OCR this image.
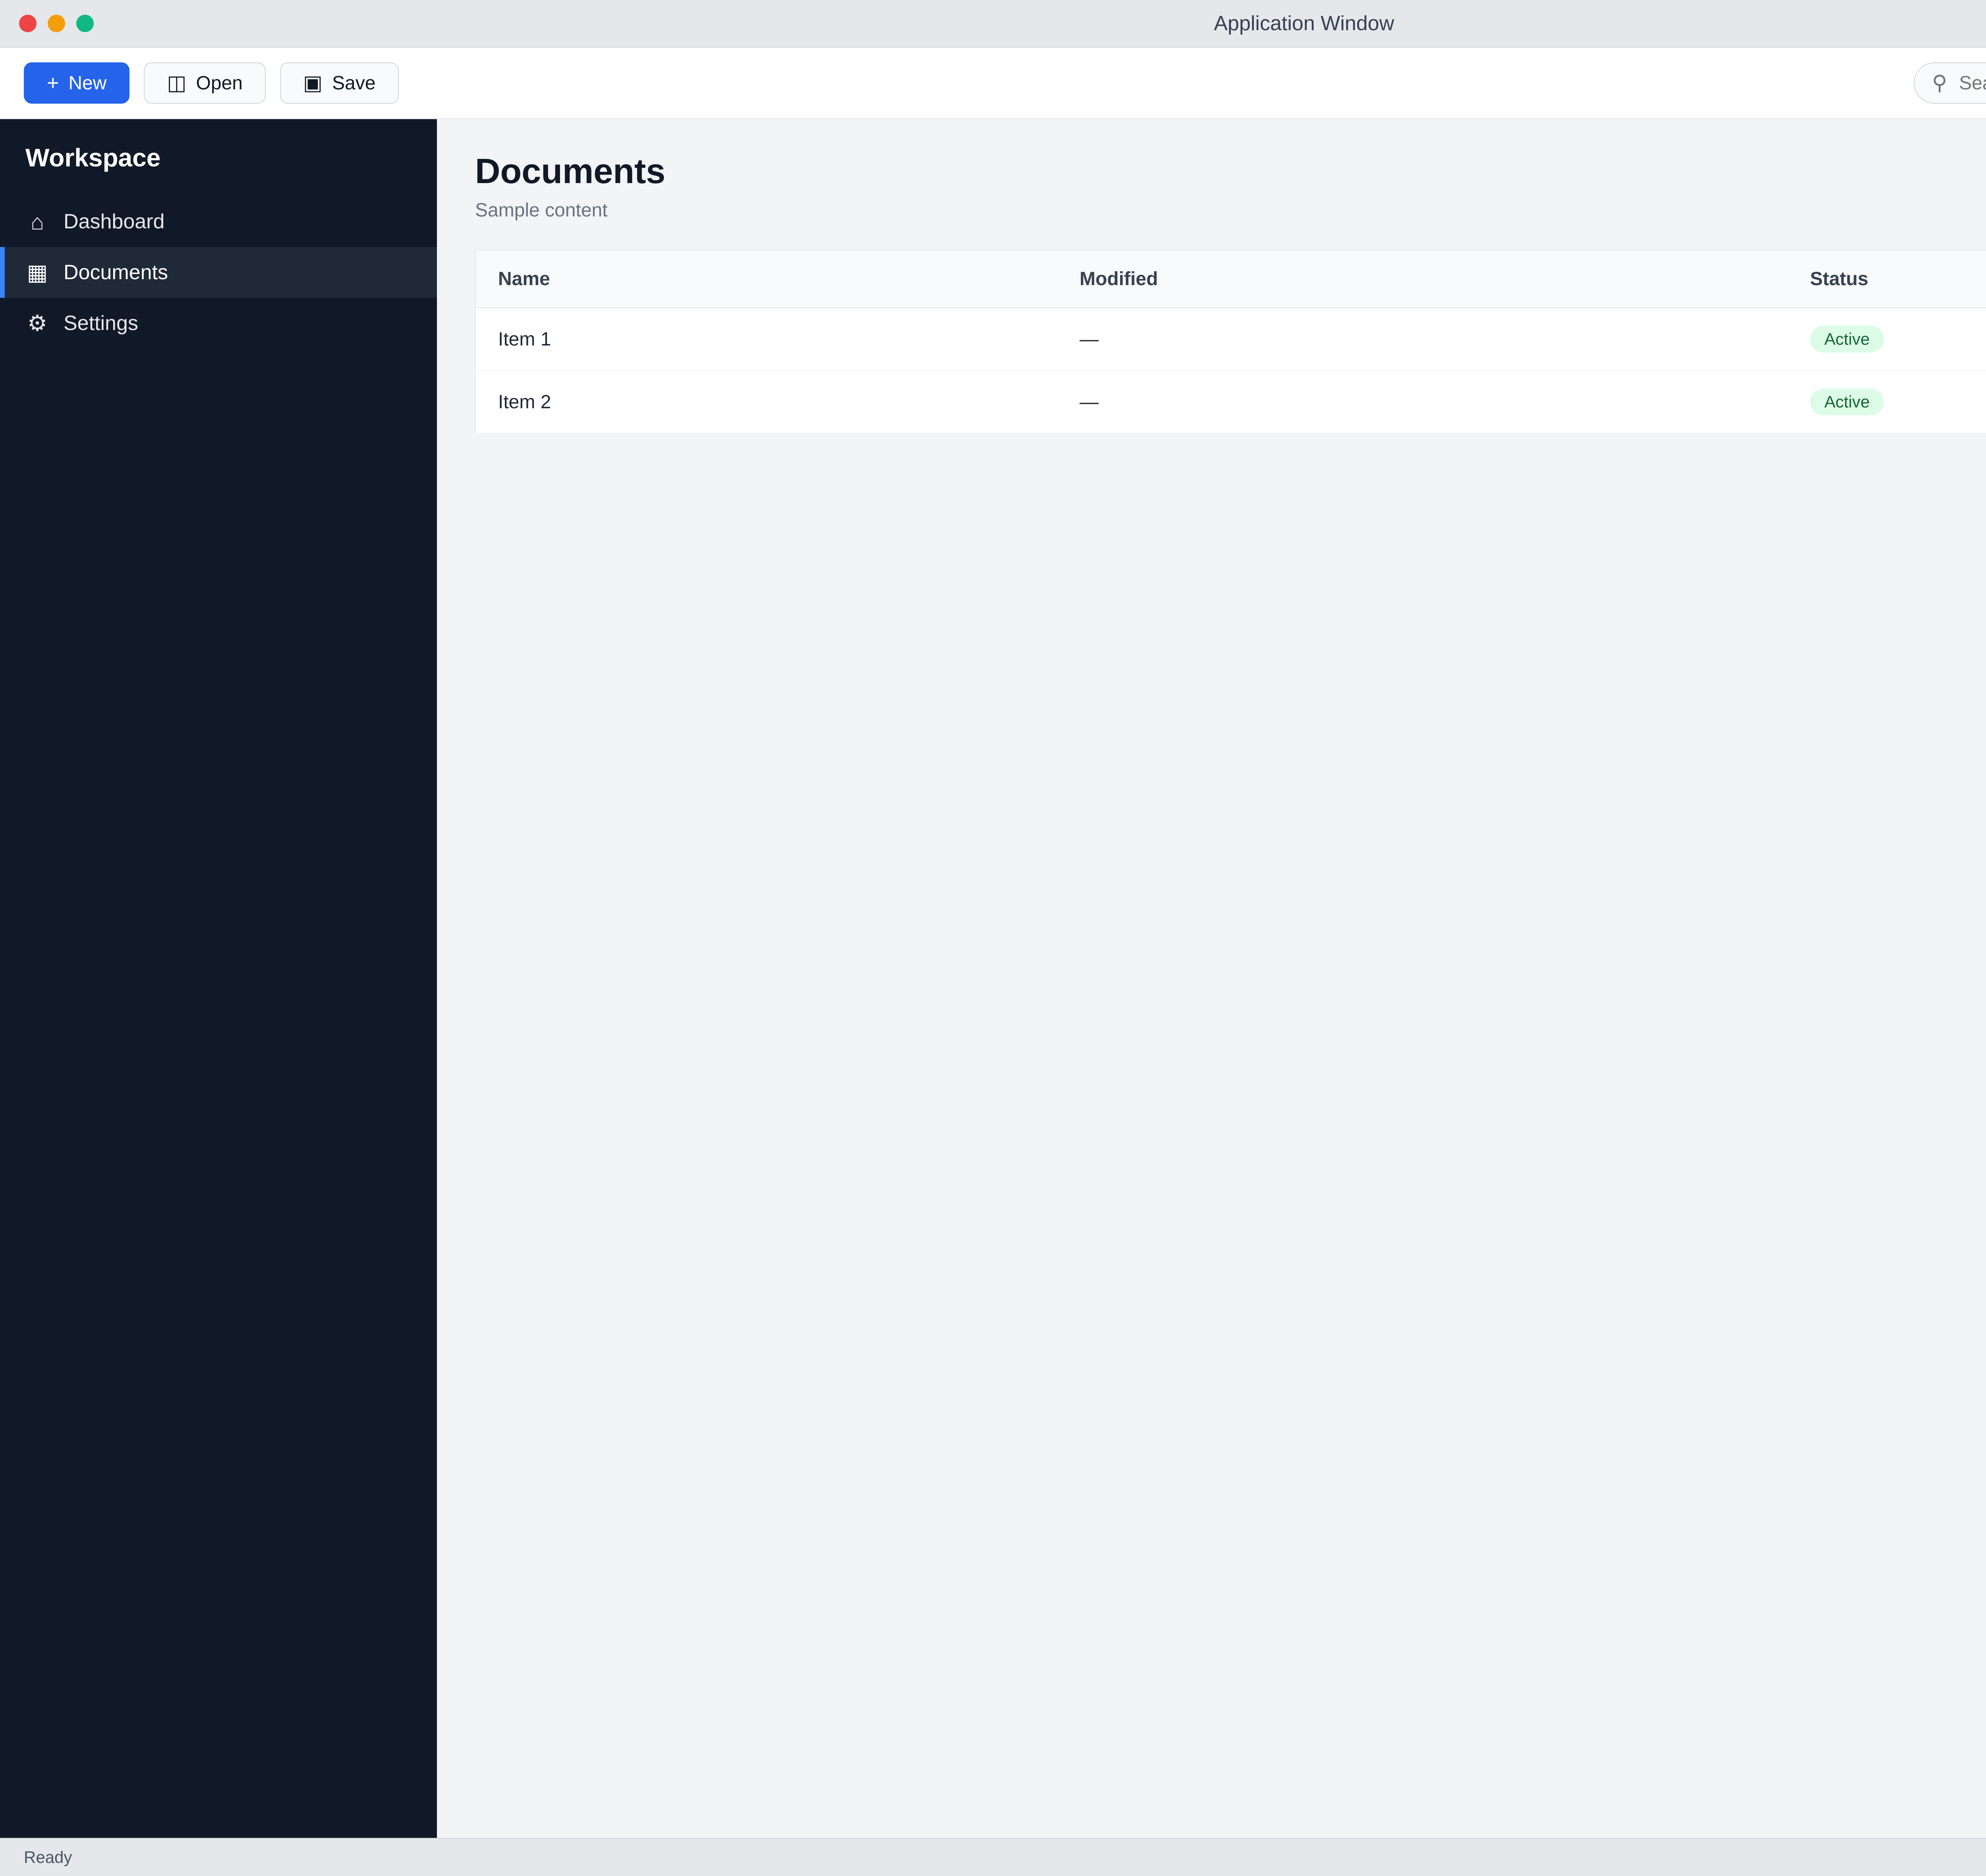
Application Window
+ New	◫ Open	▣ Save	⚲
Search
Workspace
⌂ Dashboard
▦ Documents
⚙ Settings
Documents

Sample content

Name	Modified	Status
Item 1	—	Active
Item 2	—	Active
Ready
